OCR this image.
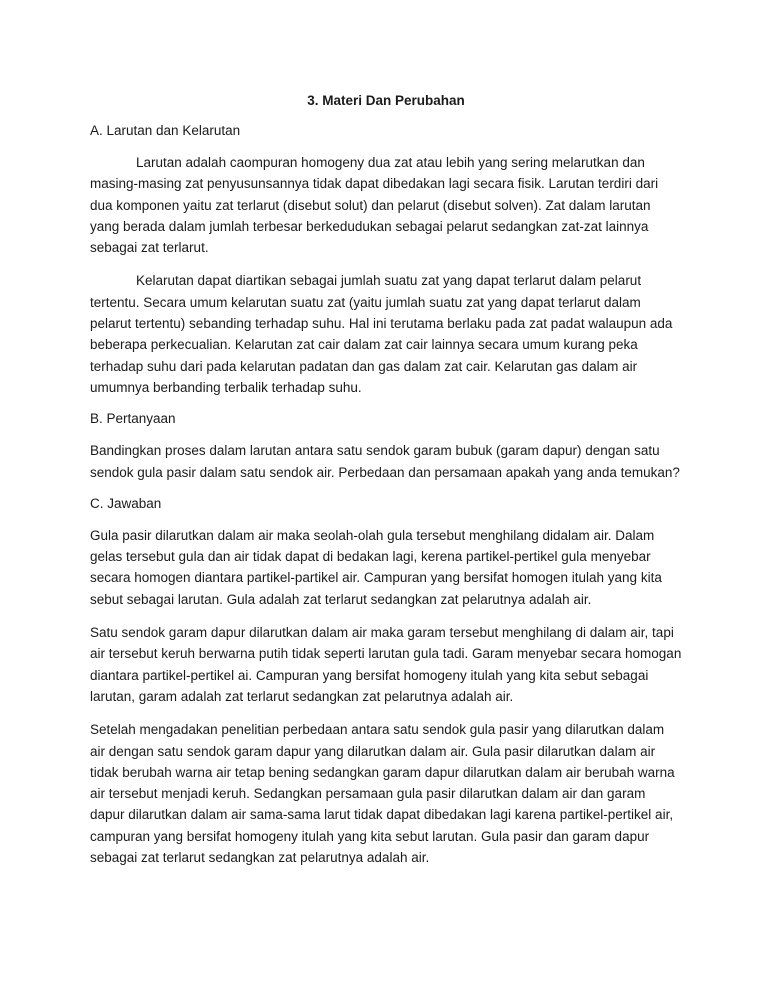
3. Materi Dan Perubahan
A. Larutan dan Kelarutan

Larutan adalah caompuran homogeny dua zat atau lebih yang sering melarutkan dan masing-masing zat penyusunsannya tidak dapat dibedakan lagi secara fisik. Larutan terdiri dari dua komponen yaitu zat terlarut (disebut solut) dan pelarut (disebut solven). Zat dalam larutan yang berada dalam jumlah terbesar berkedudukan sebagai pelarut sedangkan zat-zat lainnya sebagai zat terlarut.

Kelarutan dapat diartikan sebagai jumlah suatu zat yang dapat terlarut dalam pelarut tertentu. Secara umum kelarutan suatu zat (yaitu jumlah suatu zat yang dapat terlarut dalam pelarut tertentu) sebanding terhadap suhu. Hal ini terutama berlaku pada zat padat walaupun ada beberapa perkecualian. Kelarutan zat cair dalam zat cair lainnya secara umum kurang peka terhadap suhu dari pada kelarutan padatan dan gas dalam zat cair. Kelarutan gas dalam air umumnya berbanding terbalik terhadap suhu.

B. Pertanyaan

Bandingkan proses dalam larutan antara satu sendok garam bubuk (garam dapur) dengan satu sendok gula pasir dalam satu sendok air. Perbedaan dan persamaan apakah yang anda temukan?

C. Jawaban

Gula pasir dilarutkan dalam air maka seolah-olah gula tersebut menghilang didalam air. Dalam gelas tersebut gula dan air tidak dapat di bedakan lagi, kerena partikel-pertikel gula menyebar secara homogen diantara partikel-partikel air. Campuran yang bersifat homogen itulah yang kita sebut sebagai larutan. Gula adalah zat terlarut sedangkan zat pelarutnya adalah air.

Satu sendok garam dapur dilarutkan dalam air maka garam tersebut menghilang di dalam air, tapi air tersebut keruh berwarna putih tidak seperti larutan gula tadi. Garam menyebar secara homogan diantara partikel-pertikel ai. Campuran yang bersifat homogeny itulah yang kita sebut sebagai larutan, garam adalah zat terlarut sedangkan zat pelarutnya adalah air.

Setelah mengadakan penelitian perbedaan antara satu sendok gula pasir yang dilarutkan dalam air dengan satu sendok garam dapur yang dilarutkan dalam air. Gula pasir dilarutkan dalam air tidak berubah warna air tetap bening sedangkan garam dapur dilarutkan dalam air berubah warna air tersebut menjadi keruh. Sedangkan persamaan gula pasir dilarutkan dalam air dan garam dapur dilarutkan dalam air sama-sama larut tidak dapat dibedakan lagi karena partikel-pertikel air, campuran yang bersifat homogeny itulah yang kita sebut larutan. Gula pasir dan garam dapur sebagai zat terlarut sedangkan zat pelarutnya adalah air.
